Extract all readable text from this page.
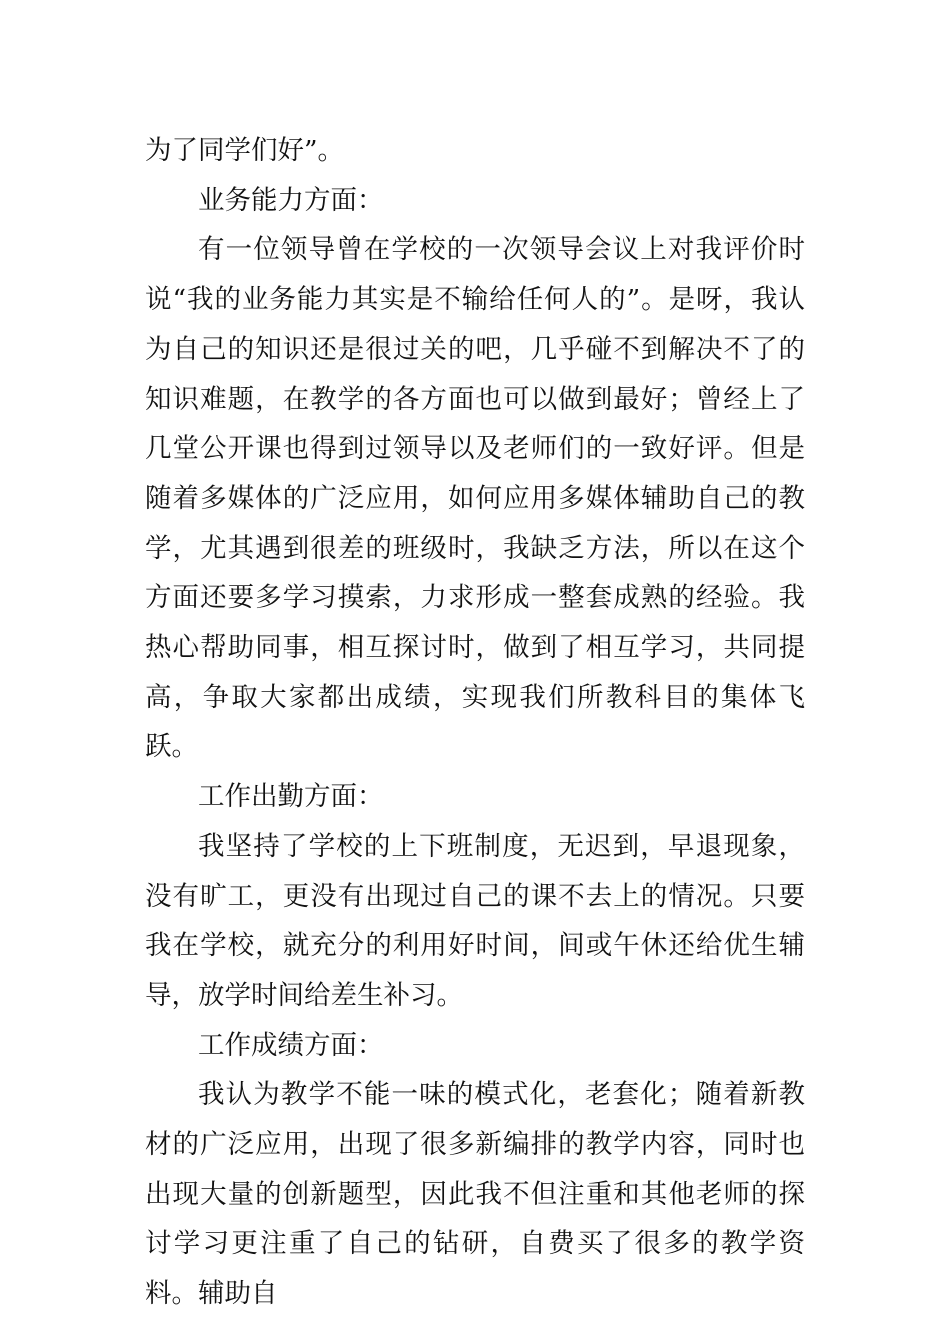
为了同学们好”。

业务能力方面：

有一位领导曾在学校的一次领导会议上对我评价时说“我的业务能力其实是不输给任何人的”。是呀，我认为自己的知识还是很过关的吧，几乎碰不到解决不了的知识难题，在教学的各方面也可以做到最好；曾经上了几堂公开课也得到过领导以及老师们的一致好评。但是随着多媒体的广泛应用，如何应用多媒体辅助自己的教学，尤其遇到很差的班级时，我缺乏方法，所以在这个方面还要多学习摸索，力求形成一整套成熟的经验。我热心帮助同事，相互探讨时，做到了相互学习，共同提高，争取大家都出成绩，实现我们所教科目的集体飞跃。

工作出勤方面：

我坚持了学校的上下班制度，无迟到，早退现象，没有旷工，更没有出现过自己的课不去上的情况。只要我在学校，就充分的利用好时间，间或午休还给优生辅导，放学时间给差生补习。

工作成绩方面：

我认为教学不能一味的模式化，老套化；随着新教材的广泛应用，出现了很多新编排的教学内容，同时也出现大量的创新题型，因此我不但注重和其他老师的探讨学习更注重了自己的钻研，自费买了很多的教学资料。辅助自
